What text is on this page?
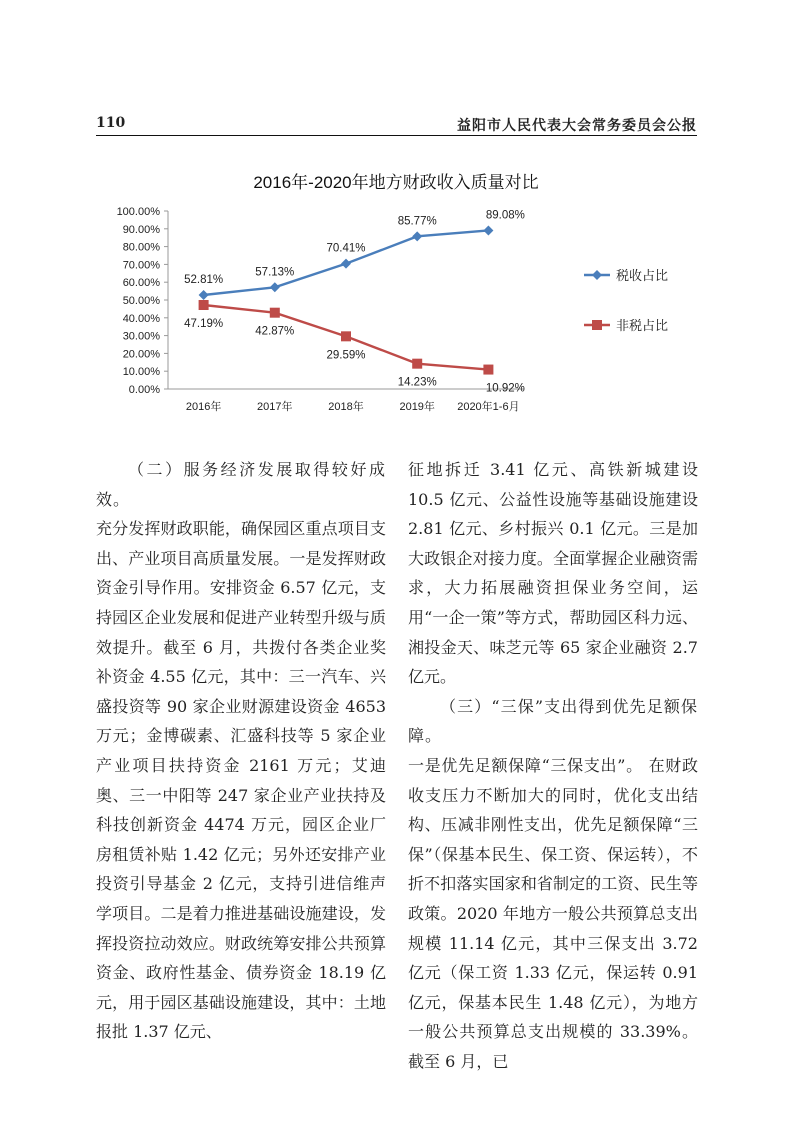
110	益阳市人民代表大会常务委员会公报
2016年-2020年地方财政收入质量对比
100.00%
90.00%
80.00%
70.00%
60.00%
50.00%
40.00%
30.00%
20.00%
10.00%
0.00%
2016年	2017年	2018年	2019年 2020年1-6月
52.81%
57.13%
70.41%
85.77%	89.08%
47.19%
42.87%
29.59%
14.23%	10.92%
税收占比
非税占比

（二）服务经济发展取得较好成效。

充分发挥财政职能，确保园区重点项目支出、产业项目高质量发展。一是发挥财政资金引导作用。安排资金 6.57 亿元，支持园区企业发展和促进产业转型升级与质效提升。截至 6 月，共拨付各类企业奖补资金 4.55 亿元，其中：三一汽车、兴盛投资等 90 家企业财源建设资金 4653 万元；金博碳素、汇盛科技等 5 家企业产业项目扶持资金 2161 万元；艾迪奥、三一中阳等 247 家企业产业扶持及科技创新资金 4474 万元，园区企业厂房租赁补贴 1.42 亿元；另外还安排产业投资引导基金 2 亿元，支持引进信维声学项目。二是着力推进基础设施建设，发挥投资拉动效应。财政统筹安排公共预算资金、政府性基金、债券资金 18.19 亿元，用于园区基础设施建设，其中：土地报批 1.37 亿元、

征地拆迁 3.41 亿元、高铁新城建设 10.5 亿元、公益性设施等基础设施建设 2.81 亿元、乡村振兴 0.1 亿元。三是加大政银企对接力度。全面掌握企业融资需求，大力拓展融资担保业务空间，运用“一企一策”等方式，帮助园区科力远、湘投金天、味芝元等 65 家企业融资 2.7 亿元。

（三）“三保”支出得到优先足额保障。

一是优先足额保障“三保支出”。 在财政收支压力不断加大的同时，优化支出结构、压减非刚性支出，优先足额保障“三保”（保基本民生、保工资、保运转），不折不扣落实国家和省制定的工资、民生等政策。2020 年地方一般公共预算总支出规模 11.14 亿元，其中三保支出 3.72 亿元（保工资 1.33 亿元，保运转 0.91 亿元，保基本民生 1.48 亿元），为地方一般公共预算总支出规模的 33.39%。截至 6 月，已
